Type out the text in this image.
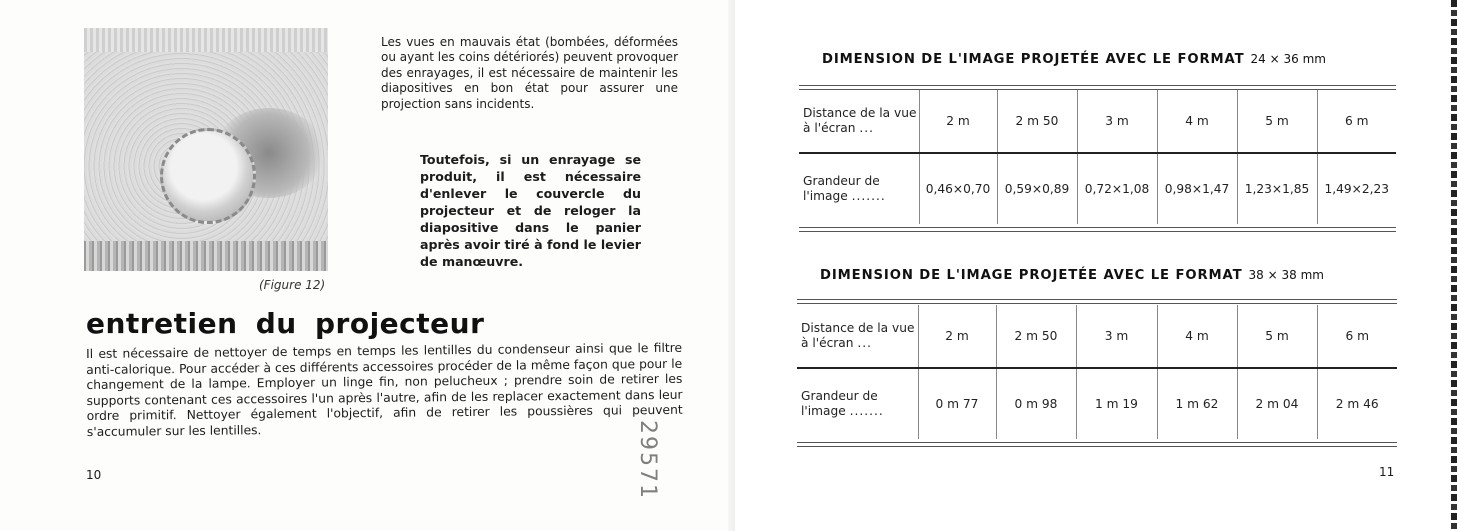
(Figure 12)

Les vues en mauvais état (bombées, déformées ou ayant les coins détériorés) peuvent provoquer des enrayages, il est nécessaire de maintenir les diapositives en bon état pour assurer une projection sans incidents.

Toutefois, si un enrayage se produit, il est nécessaire d'enlever le couvercle du projecteur et de reloger la diapositive dans le panier après avoir tiré à fond le levier de manœuvre.

entretien du projecteur

Il est nécessaire de nettoyer de temps en temps les lentilles du condenseur ainsi que le filtre anti-calorique. Pour accéder à ces différents accessoires procéder de la même façon que pour le changement de la lampe. Employer un linge fin, non pelucheux ; prendre soin de retirer les supports contenant ces accessoires l'un après l'autre, afin de les replacer exactement dans leur ordre primitif. Nettoyer également l'objectif, afin de retirer les poussières qui peuvent s'accumuler sur les lentilles.

10	29571
DIMENSION DE L'IMAGE PROJETÉE AVEC LE FORMAT 24 × 36 mm
Distance de la vue à l'écran ...	2 m	2 m 50	3 m	4 m	5 m	6 m
Grandeur de l'image .......	0,46×0,70	0,59×0,89	0,72×1,08	0,98×1,47	1,23×1,85	1,49×2,23
DIMENSION DE L'IMAGE PROJETÉE AVEC LE FORMAT 38 × 38 mm
Distance de la vue à l'écran ...	2 m	2 m 50	3 m	4 m	5 m	6 m
Grandeur de l'image .......	0 m 77	0 m 98	1 m 19	1 m 62	2 m 04	2 m 46
11
